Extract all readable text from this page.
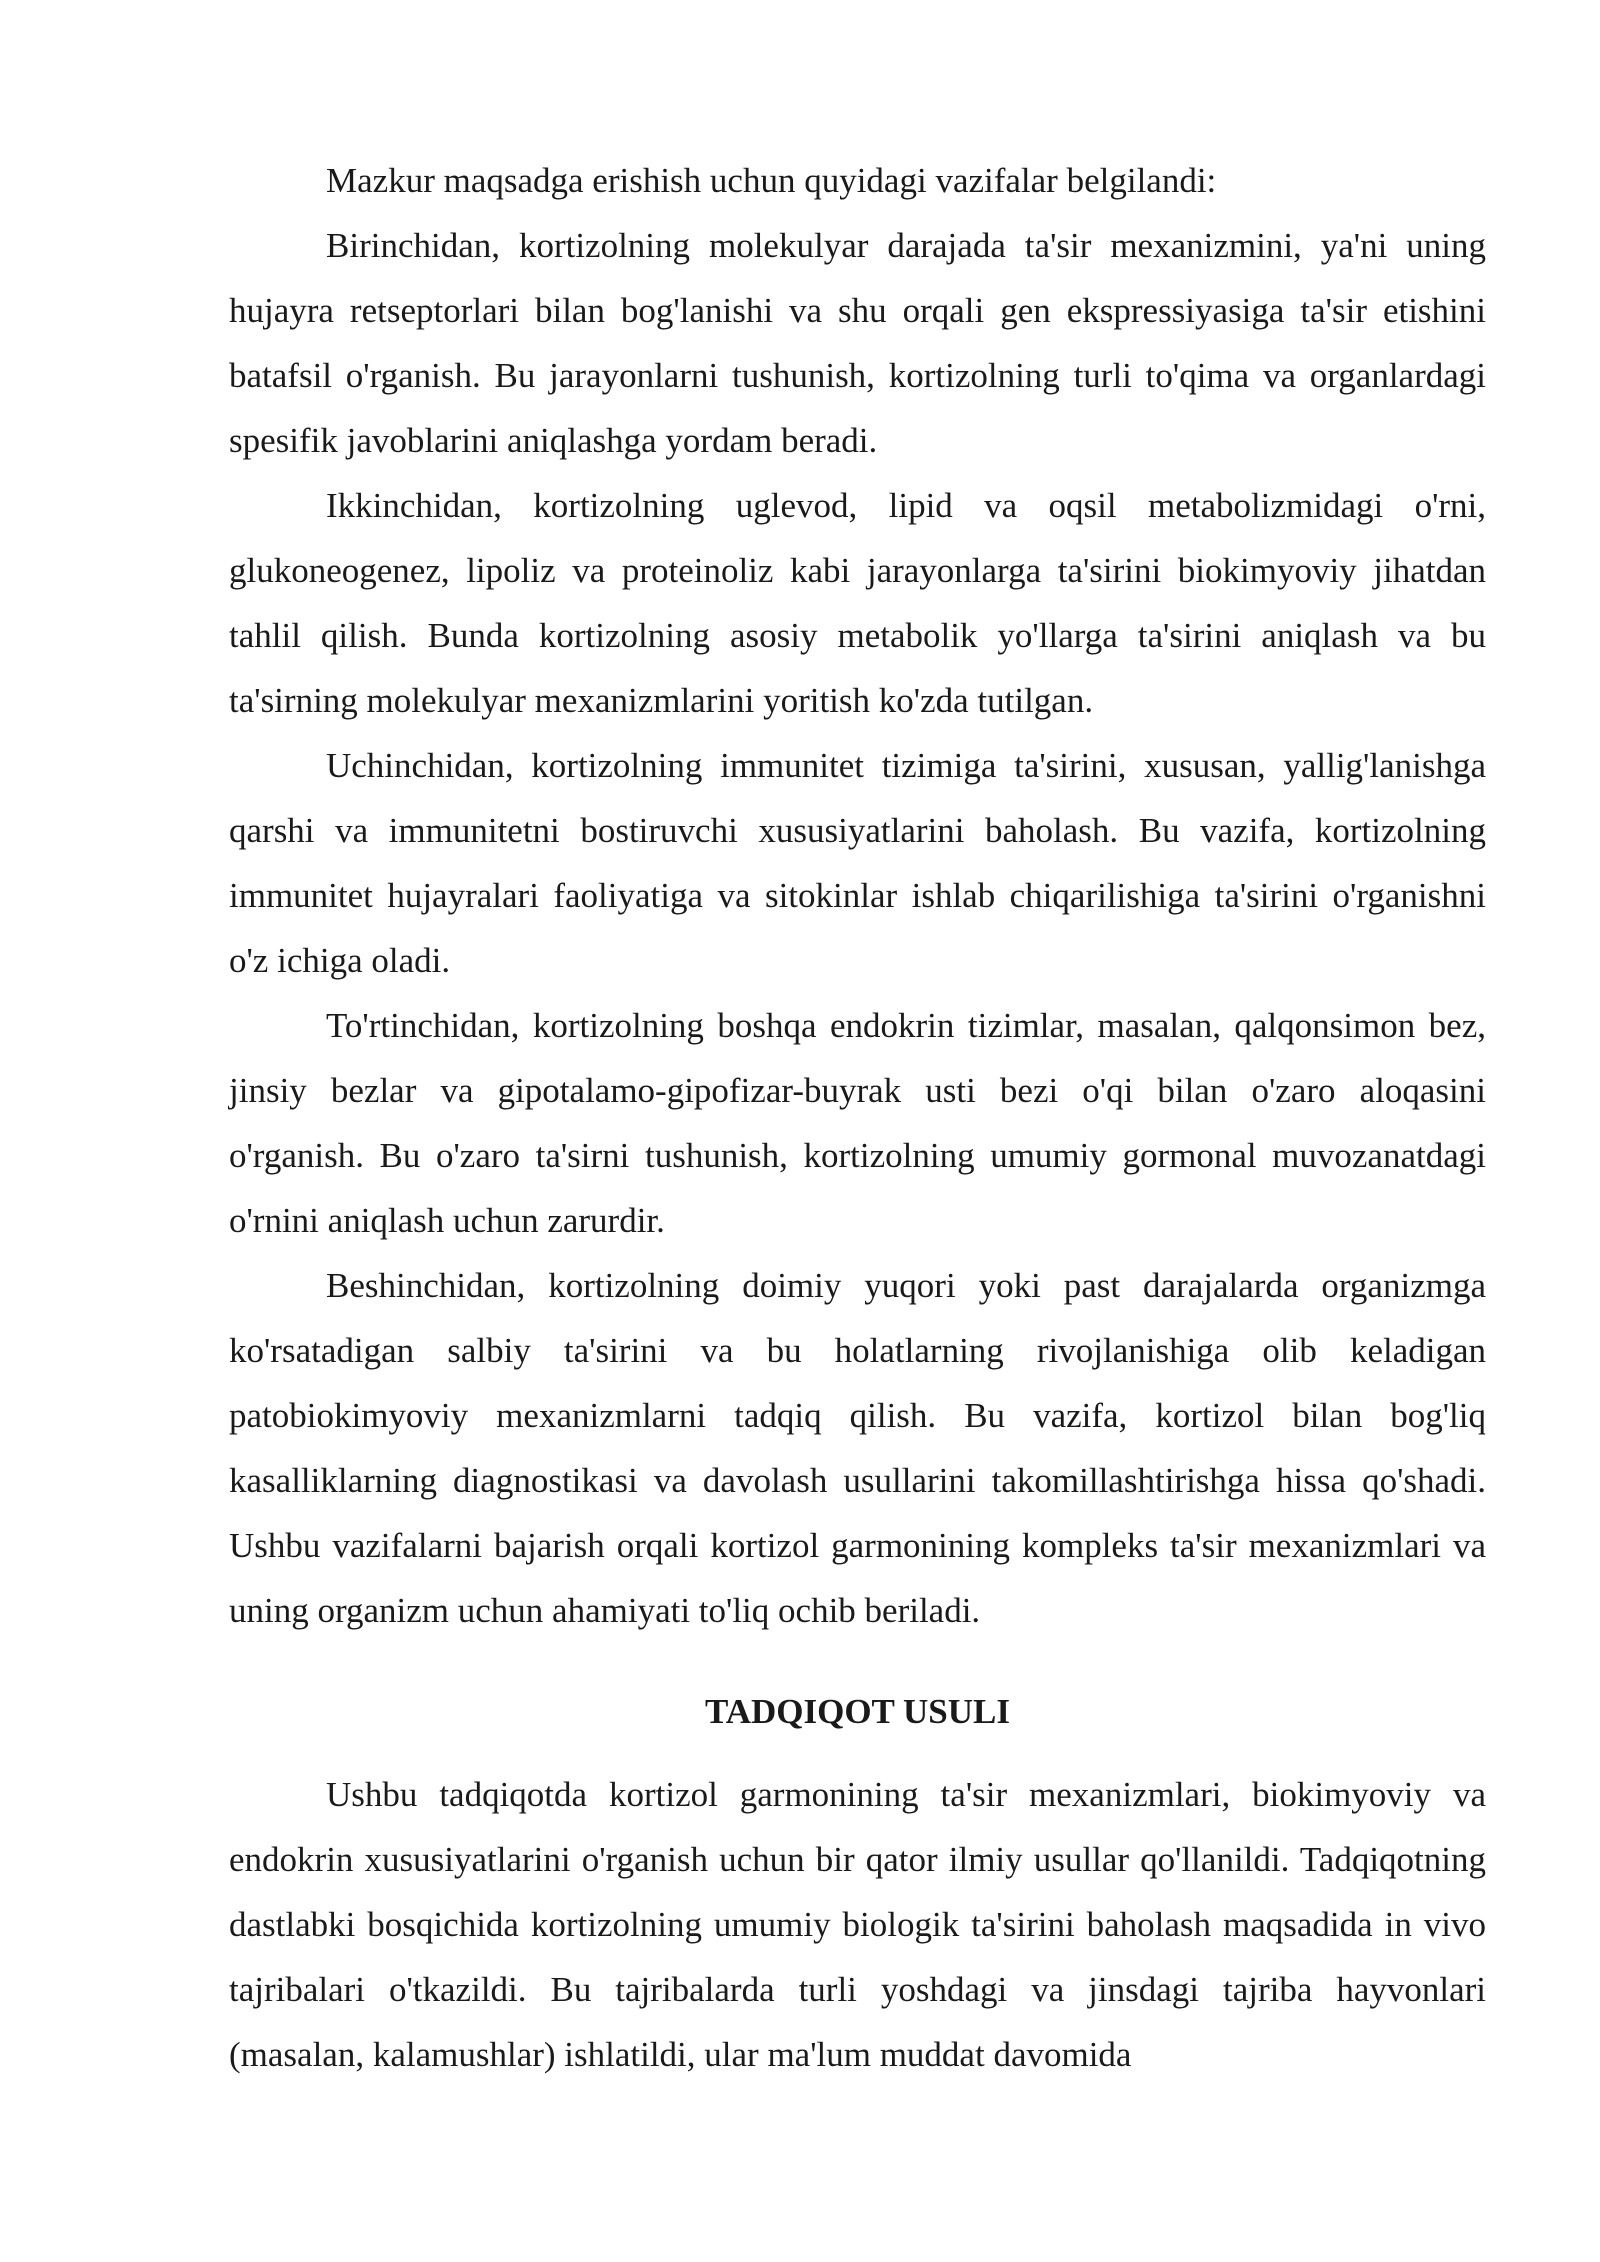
Mazkur maqsadga erishish uchun quyidagi vazifalar belgilandi:

Birinchidan, kortizolning molekulyar darajada ta'sir mexanizmini, ya'ni uning hujayra retseptorlari bilan bog'lanishi va shu orqali gen ekspressiyasiga ta'sir etishini batafsil o'rganish. Bu jarayonlarni tushunish, kortizolning turli to'qima va organlardagi spesifik javoblarini aniqlashga yordam beradi.

Ikkinchidan, kortizolning uglevod, lipid va oqsil metabolizmidagi o'rni, glukoneogenez, lipoliz va proteinoliz kabi jarayonlarga ta'sirini biokimyoviy jihatdan tahlil qilish. Bunda kortizolning asosiy metabolik yo'llarga ta'sirini aniqlash va bu ta'sirning molekulyar mexanizmlarini yoritish ko'zda tutilgan.

Uchinchidan, kortizolning immunitet tizimiga ta'sirini, xususan, yallig'lanishga qarshi va immunitetni bostiruvchi xususiyatlarini baholash. Bu vazifa, kortizolning immunitet hujayralari faoliyatiga va sitokinlar ishlab chiqarilishiga ta'sirini o'rganishni o'z ichiga oladi.

To'rtinchidan, kortizolning boshqa endokrin tizimlar, masalan, qalqonsimon bez, jinsiy bezlar va gipotalamo-gipofizar-buyrak usti bezi o'qi bilan o'zaro aloqasini o'rganish. Bu o'zaro ta'sirni tushunish, kortizolning umumiy gormonal muvozanatdagi o'rnini aniqlash uchun zarurdir.

Beshinchidan, kortizolning doimiy yuqori yoki past darajalarda organizmga ko'rsatadigan salbiy ta'sirini va bu holatlarning rivojlanishiga olib keladigan patobiokimyoviy mexanizmlarni tadqiq qilish. Bu vazifa, kortizol bilan bog'liq kasalliklarning diagnostikasi va davolash usullarini takomillashtirishga hissa qo'shadi. Ushbu vazifalarni bajarish orqali kortizol garmonining kompleks ta'sir mexanizmlari va uning organizm uchun ahamiyati to'liq ochib beriladi.

TADQIQOT USULI

Ushbu tadqiqotda kortizol garmonining ta'sir mexanizmlari, biokimyoviy va endokrin xususiyatlarini o'rganish uchun bir qator ilmiy usullar qo'llanildi. Tadqiqotning dastlabki bosqichida kortizolning umumiy biologik ta'sirini baholash maqsadida in vivo tajribalari o'tkazildi. Bu tajribalarda turli yoshdagi va jinsdagi tajriba hayvonlari (masalan, kalamushlar) ishlatildi, ular ma'lum muddat davomida
